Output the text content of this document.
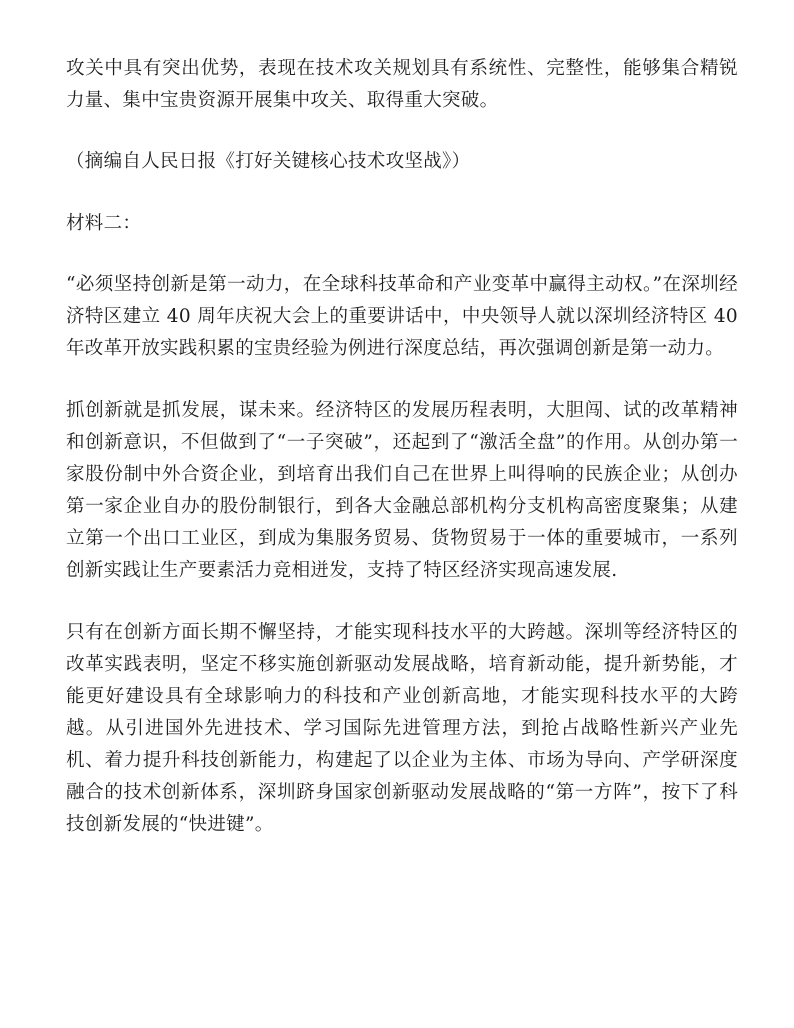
攻关中具有突出优势，表现在技术攻关规划具有系统性、完整性，能够集合精锐力量、集中宝贵资源开展集中攻关、取得重大突破。

（摘编自人民日报《打好关键核心技术攻坚战》）

材料二：

“必须坚持创新是第一动力，在全球科技革命和产业变革中赢得主动权。”在深圳经济特区建立 40 周年庆祝大会上的重要讲话中，中央领导人就以深圳经济特区 40 年改革开放实践积累的宝贵经验为例进行深度总结，再次强调创新是第一动力。

抓创新就是抓发展，谋未来。经济特区的发展历程表明，大胆闯、试的改革精神和创新意识，不但做到了“一子突破”，还起到了“激活全盘”的作用。从创办第一家股份制中外合资企业，到培育出我们自己在世界上叫得响的民族企业；从创办第一家企业自办的股份制银行，到各大金融总部机构分支机构高密度聚集；从建立第一个出口工业区，到成为集服务贸易、货物贸易于一体的重要城市，一系列创新实践让生产要素活力竞相迸发，支持了特区经济实现高速发展.

只有在创新方面长期不懈坚持，才能实现科技水平的大跨越。深圳等经济特区的改革实践表明，坚定不移实施创新驱动发展战略，培育新动能，提升新势能，才能更好建设具有全球影响力的科技和产业创新高地，才能实现科技水平的大跨越。从引进国外先进技术、学习国际先进管理方法，到抢占战略性新兴产业先机、着力提升科技创新能力，构建起了以企业为主体、市场为导向、产学研深度融合的技术创新体系，深圳跻身国家创新驱动发展战略的“第一方阵”，按下了科技创新发展的“快进键”。
